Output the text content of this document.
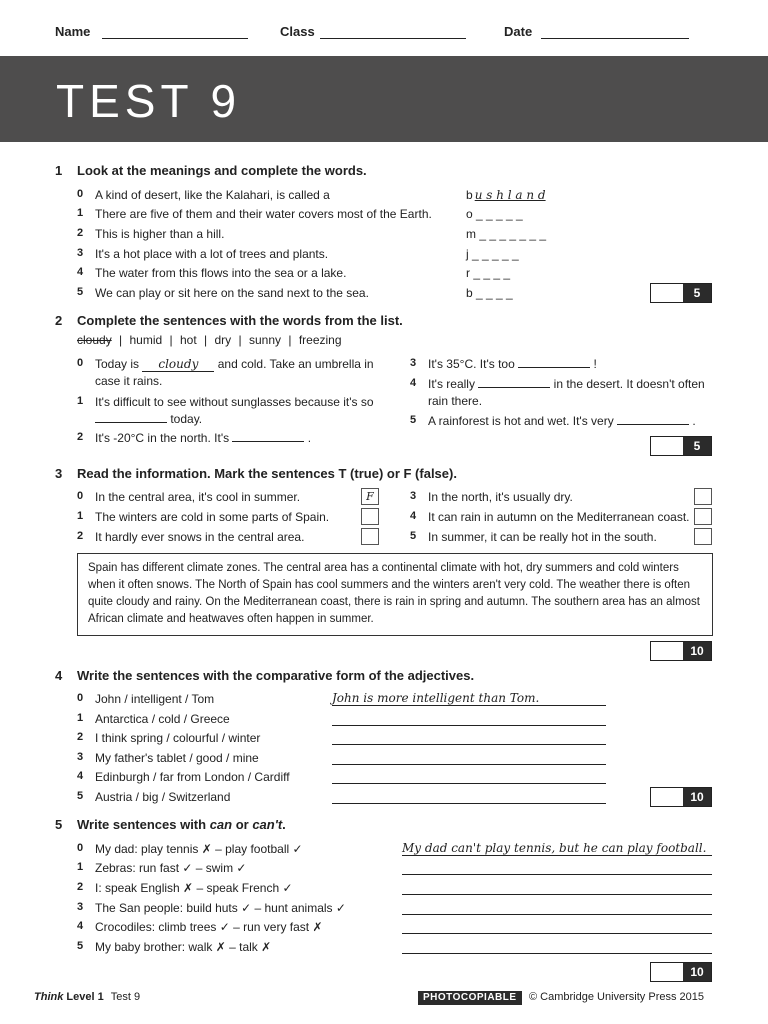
Name	Class	Date
TEST 9
1 Look at the meanings and complete the words.
0 A kind of desert, like the Kalahari, is called a	b u s h l a n d
1 There are five of them and their water covers most of the Earth.	o _ _ _ _ _
2 This is higher than a hill.	m _ _ _ _ _ _ _
3 It's a hot place with a lot of trees and plants.	j _ _ _ _ _
4 The water from this flows into the sea or a lake.	r _ _ _ _
5 We can play or sit here on the sand next to the sea.	b _ _ _ _	5
2 Complete the sentences with the words from the list.
cloudy | humid | hot | dry | sunny | freezing
0 Today is cloudy and cold. Take an umbrella in
case it rains.
1 It's difficult to see without sunglasses because it's so
today.
2 It's -20°C in the north. It's	.
3 It's 35°C. It's too	!
4 It's really	in the desert. It doesn't often
rain there.
5 A rainforest is hot and wet. It's very	.
5
3 Read the information. Mark the sentences T (true) or F (false).
0 In the central area, it's cool in summer.	F
1 The winters are cold in some parts of Spain.
2 It hardly ever snows in the central area.
3 In the north, it's usually dry.
4 It can rain in autumn on the Mediterranean coast.
5 In summer, it can be really hot in the south.
Spain has different climate zones. The central area has a continental climate with hot, dry summers and cold winters when it often snows. The North of Spain has cool summers and the winters aren't very cold. The weather there is often quite cloudy and rainy. On the Mediterranean coast, there is rain in spring and autumn. The southern area has an almost African climate and heatwaves often happen in summer.
10
4 Write the sentences with the comparative form of the adjectives.
0 John / intelligent / Tom	John is more intelligent than Tom.
1 Antarctica / cold / Greece
2 I think spring / colourful / winter
3 My father's tablet / good / mine
4 Edinburgh / far from London / Cardiff
5 Austria / big / Switzerland	10
5 Write sentences with can or can't.
0 My dad: play tennis ✗ – play football ✓	My dad can't play tennis, but he can play football.
1 Zebras: run fast ✓ – swim ✓
2 I: speak English ✗ – speak French ✓
3 The San people: build huts ✓ – hunt animals ✓
4 Crocodiles: climb trees ✓ – run very fast ✗
5 My baby brother: walk ✗ – talk ✗
10
Think Level 1 Test 9	PHOTOCOPIABLE	© Cambridge University Press 2015
